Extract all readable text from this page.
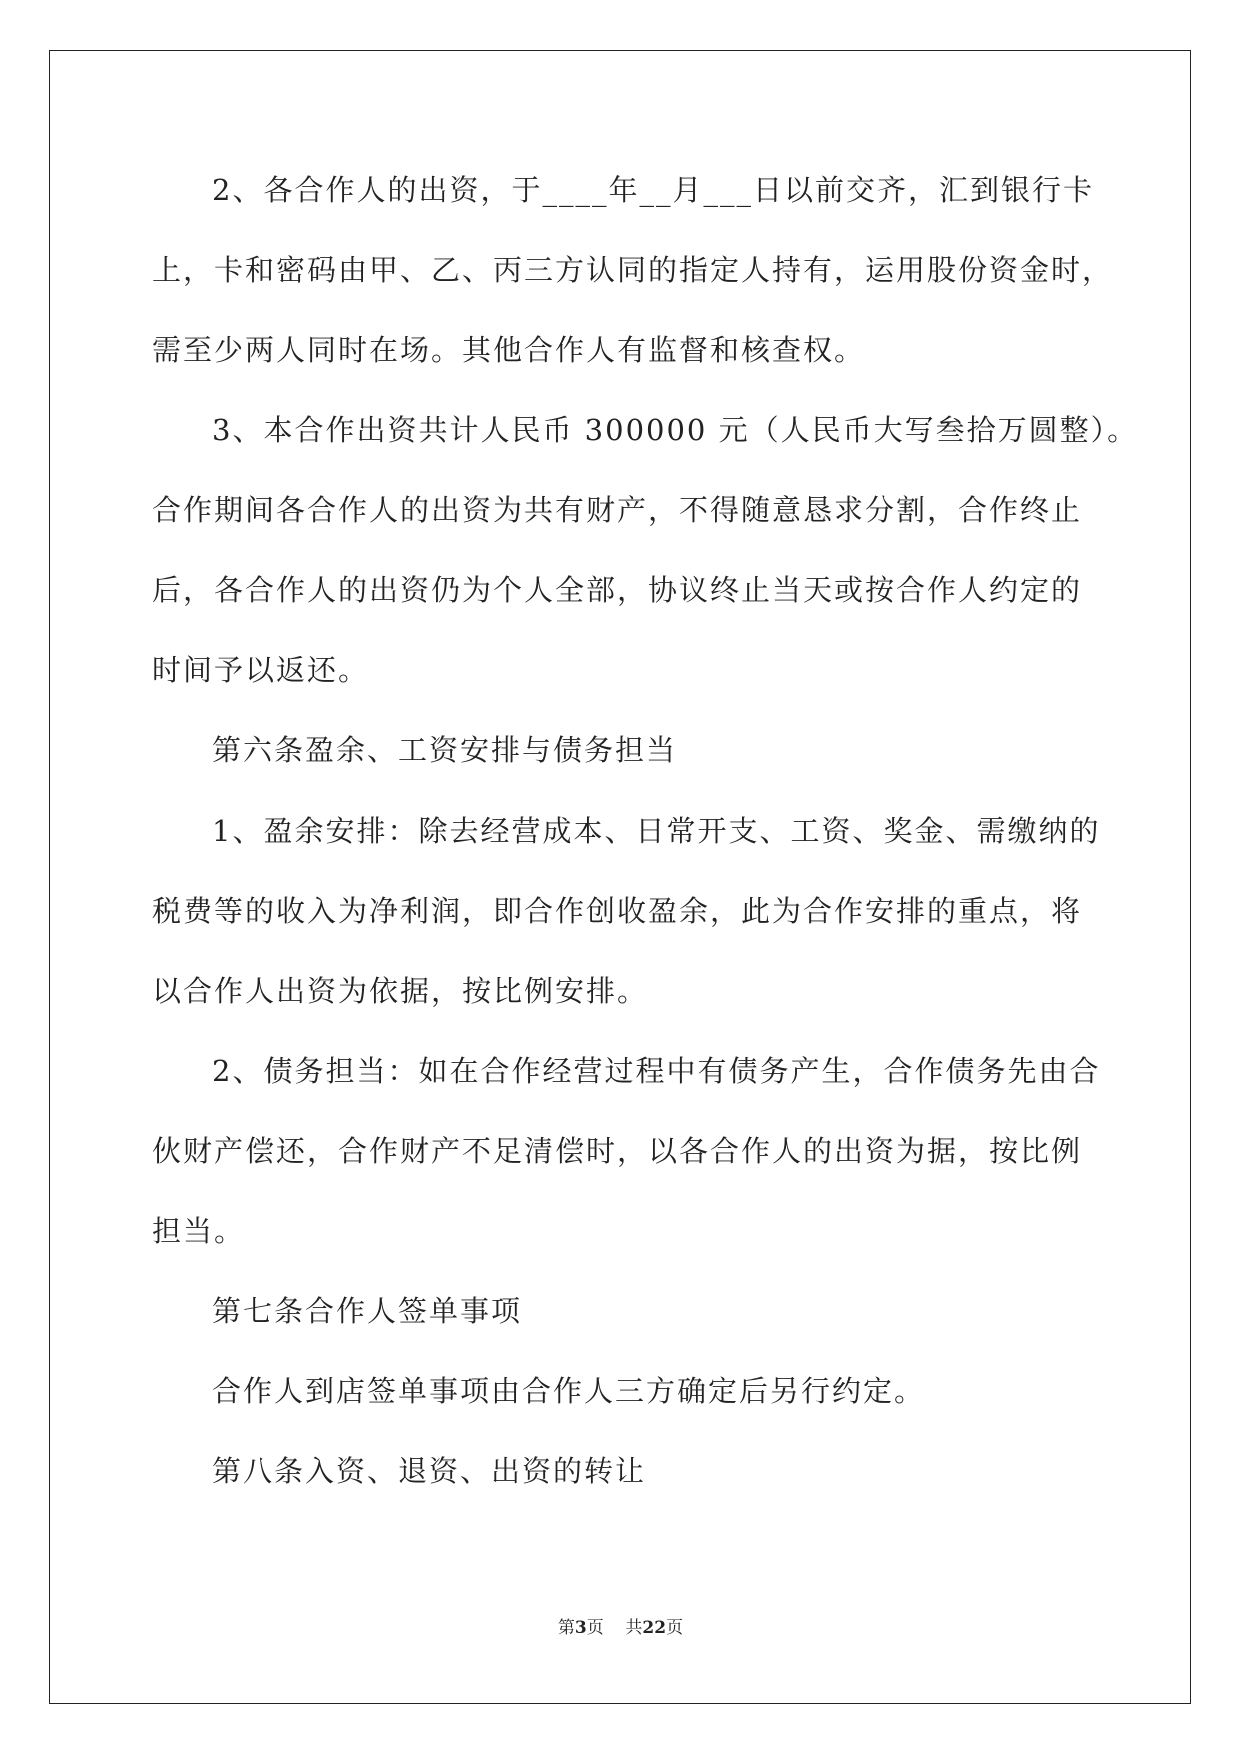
2、各合作人的出资，于____年__月___日以前交齐，汇到银行卡
上，卡和密码由甲、乙、丙三方认同的指定人持有，运用股份资金时，
需至少两人同时在场。其他合作人有监督和核查权。
3、本合作出资共计人民币 300000 元（人民币大写叁拾万圆整）。
合作期间各合作人的出资为共有财产，不得随意恳求分割，合作终止
后，各合作人的出资仍为个人全部，协议终止当天或按合作人约定的
时间予以返还。
第六条盈余、工资安排与债务担当
1、盈余安排：除去经营成本、日常开支、工资、奖金、需缴纳的
税费等的收入为净利润，即合作创收盈余，此为合作安排的重点，将
以合作人出资为依据，按比例安排。
2、债务担当：如在合作经营过程中有债务产生，合作债务先由合
伙财产偿还，合作财产不足清偿时，以各合作人的出资为据，按比例
担当。
第七条合作人签单事项
合作人到店签单事项由合作人三方确定后另行约定。
第八条入资、退资、出资的转让
第3页 共22页
